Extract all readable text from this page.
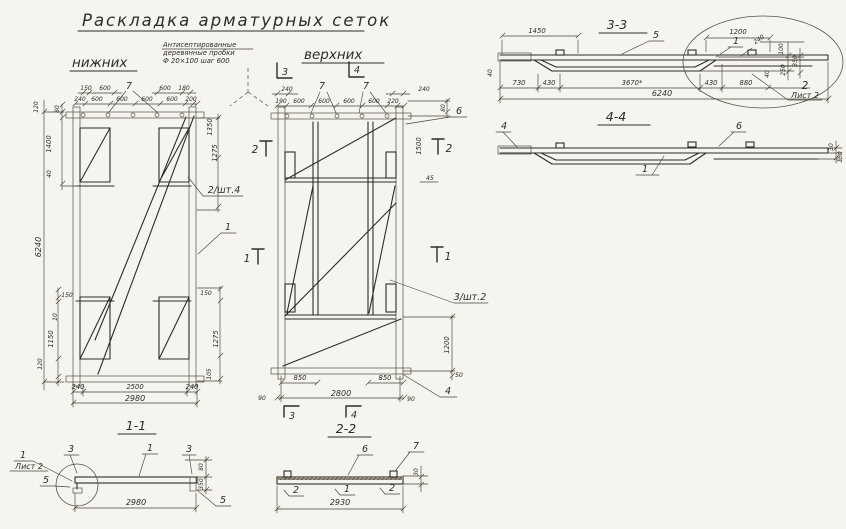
Раскладка арматурных сеток
нижних	верхних
Антисептированные
деревянные пробки
Ф 20×100 шаг 600
150 600	600 180
7
240 600 600 600 600 200
6240
120 80
1400
40
150
10
1150
120
1350
1275
150
1275
105
240	2500	240
2980
2/шт.4
1
240	240
7	7
190 600 600 600 600 220
80
1500
45
1200
50
850	850
90
2800
90
6
3/шт.2
4
3	4
2	2
1	1
3	4
3-3
1450	1200
5
1 240
100
350
250
40
40
730	430	3670*	430	880
6240
2
Лист 2
4-4
4	6
1
30
150
1-1
1
Лист 2
3	1	3
5
5
2980
80
350
2-2
6	7
2	1	2
2930
30
